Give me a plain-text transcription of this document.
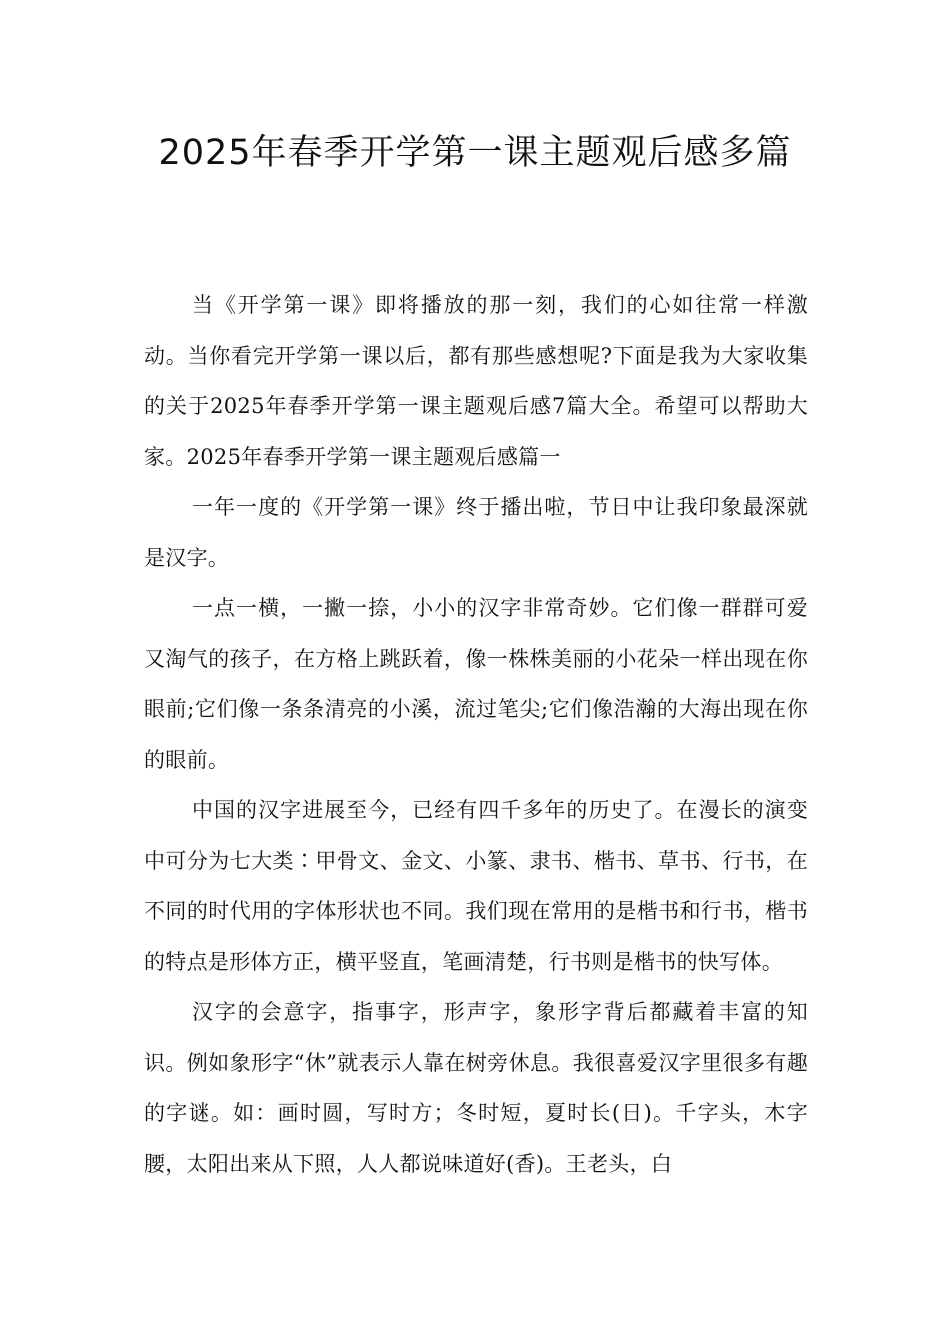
2025年春季开学第一课主题观后感多篇

当《开学第一课》即将播放的那一刻，我们的心如往常一样激动。当你看完开学第一课以后，都有那些感想呢?下面是我为大家收集的关于2025年春季开学第一课主题观后感7篇大全。希望可以帮助大家。2025年春季开学第一课主题观后感篇一

一年一度的《开学第一课》终于播出啦，节日中让我印象最深就是汉字。

一点一横，一撇一捺，小小的汉字非常奇妙。它们像一群群可爱又淘气的孩子，在方格上跳跃着，像一株株美丽的小花朵一样出现在你眼前;它们像一条条清亮的小溪，流过笔尖;它们像浩瀚的大海出现在你的眼前。

中国的汉字进展至今，已经有四千多年的历史了。在漫长的演变中可分为七大类∶甲骨文、金文、小篆、隶书、楷书、草书、行书，在不同的时代用的字体形状也不同。我们现在常用的是楷书和行书，楷书的特点是形体方正，横平竖直，笔画清楚，行书则是楷书的快写体。

汉字的会意字，指事字，形声字，象形字背后都藏着丰富的知识。例如象形字“休”就表示人靠在树旁休息。我很喜爱汉字里很多有趣的字谜。如：画时圆，写时方；冬时短，夏时长(日)。千字头，木字腰，太阳出来从下照，人人都说味道好(香)。王老头，白
